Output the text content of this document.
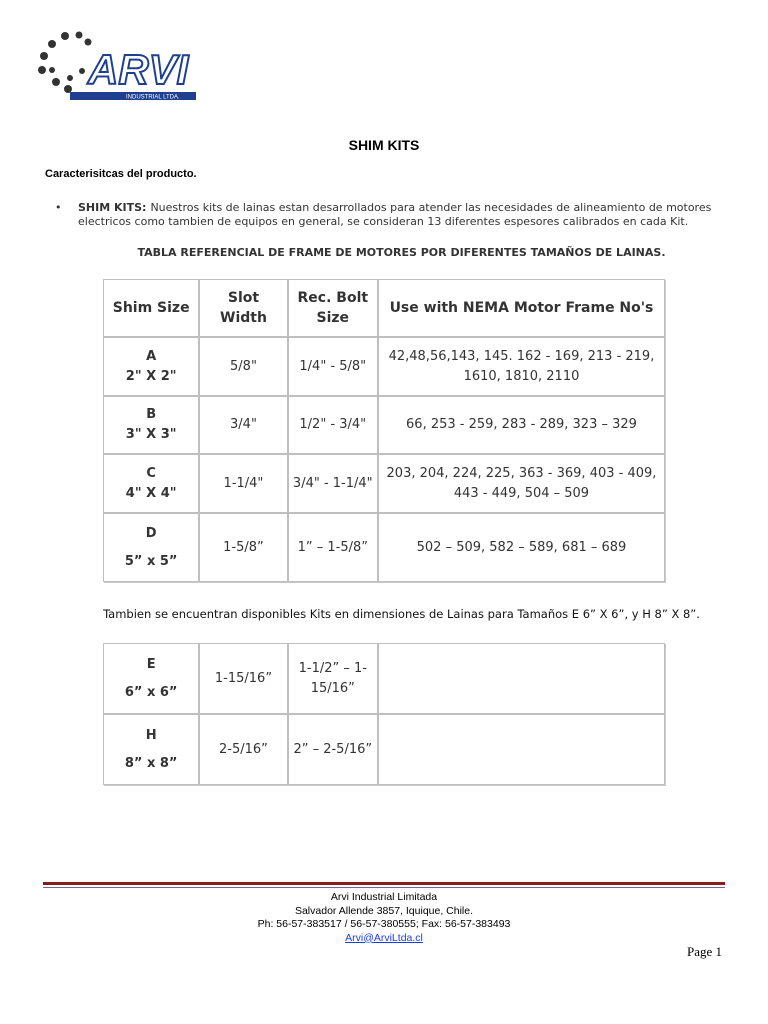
ARVI
INDUSTRIAL LTDA.
SHIM KITS
Caracterisitcas del producto.
•	SHIM KITS: Nuestros kits de lainas estan desarrollados para atender las necesidades de alineamiento de motores electricos como tambien de equipos en general, se consideran 13 diferentes espesores calibrados en cada Kit.
TABLA REFERENCIAL DE FRAME DE MOTORES POR DIFERENTES TAMAÑOS DE LAINAS.
Shim Size	Slot Width	Rec. Bolt Size	Use with NEMA Motor Frame No's
A
2" X 2"	5/8"	1/4" - 5/8"	42,48,56,143, 145. 162 - 169, 213 - 219, 1610, 1810, 2110
B
3" X 3"	3/4"	1/2" - 3/4"	66, 253 - 259, 283 - 289, 323 – 329
C
4" X 4"	1-1/4"	3/4" - 1-1/4"	203, 204, 224, 225, 363 - 369, 403 - 409, 443 - 449, 504 – 509
D
5” x 5”	1-5/8”	1” – 1-5/8”	502 – 509, 582 – 589, 681 – 689
Tambien se encuentran disponibles Kits en dimensiones de Lainas para Tamaños E 6” X 6”, y H 8” X 8”.
E
6” x 6”	1-15/16”	1-1/2” – 1-15/16”	
H
8” x 8”	2-5/16”	2” – 2-5/16”	
Arvi Industrial Limitada
Salvador Allende 3857, Iquique, Chile.
Ph: 56-57-383517 / 56-57-380555; Fax: 56-57-383493
Arvi@ArviLtda.cl
Page 1
